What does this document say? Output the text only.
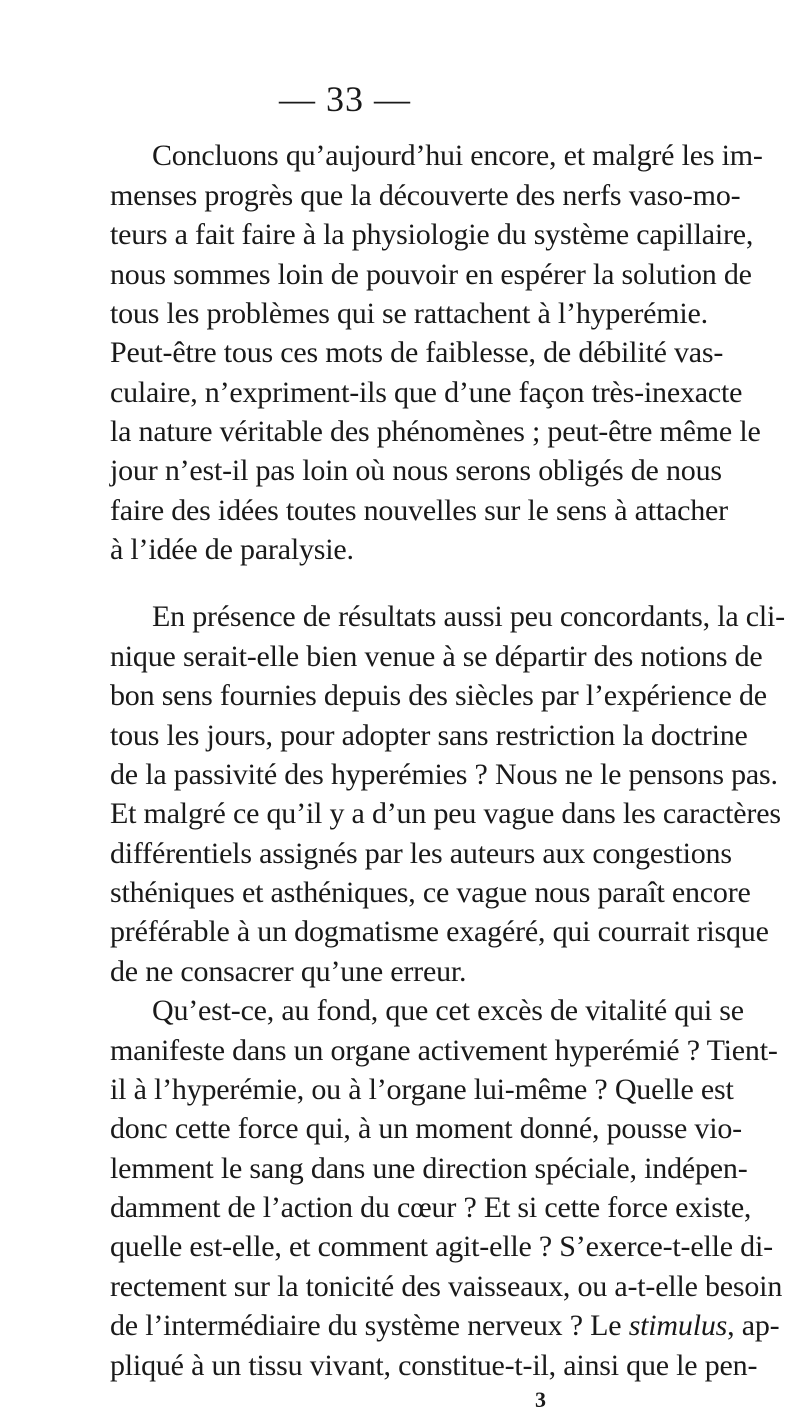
— 33 —
Concluons qu’aujourd’hui encore, et malgré les im-
menses progrès que la découverte des nerfs vaso-mo-
teurs a fait faire à la physiologie du système capillaire,
nous sommes loin de pouvoir en espérer la solution de
tous les problèmes qui se rattachent à l’hyperémie.
Peut-être tous ces mots de faiblesse, de débilité vas-
culaire, n’expriment-ils que d’une façon très-inexacte
la nature véritable des phénomènes ; peut-être même le
jour n’est-il pas loin où nous serons obligés de nous
faire des idées toutes nouvelles sur le sens à attacher
à l’idée de paralysie.
En présence de résultats aussi peu concordants, la cli-
nique serait-elle bien venue à se départir des notions de
bon sens fournies depuis des siècles par l’expérience de
tous les jours, pour adopter sans restriction la doctrine
de la passivité des hyperémies ? Nous ne le pensons pas.
Et malgré ce qu’il y a d’un peu vague dans les caractères
différentiels assignés par les auteurs aux congestions
sthéniques et asthéniques, ce vague nous paraît encore
préférable à un dogmatisme exagéré, qui courrait risque
de ne consacrer qu’une erreur.
Qu’est-ce, au fond, que cet excès de vitalité qui se
manifeste dans un organe activement hyperémié ? Tient-
il à l’hyperémie, ou à l’organe lui-même ? Quelle est
donc cette force qui, à un moment donné, pousse vio-
lemment le sang dans une direction spéciale, indépen-
damment de l’action du cœur ? Et si cette force existe,
quelle est-elle, et comment agit-elle ? S’exerce-t-elle di-
rectement sur la tonicité des vaisseaux, ou a-t-elle besoin
de l’intermédiaire du système nerveux ? Le stimulus, ap-
pliqué à un tissu vivant, constitue-t-il, ainsi que le pen-
3
